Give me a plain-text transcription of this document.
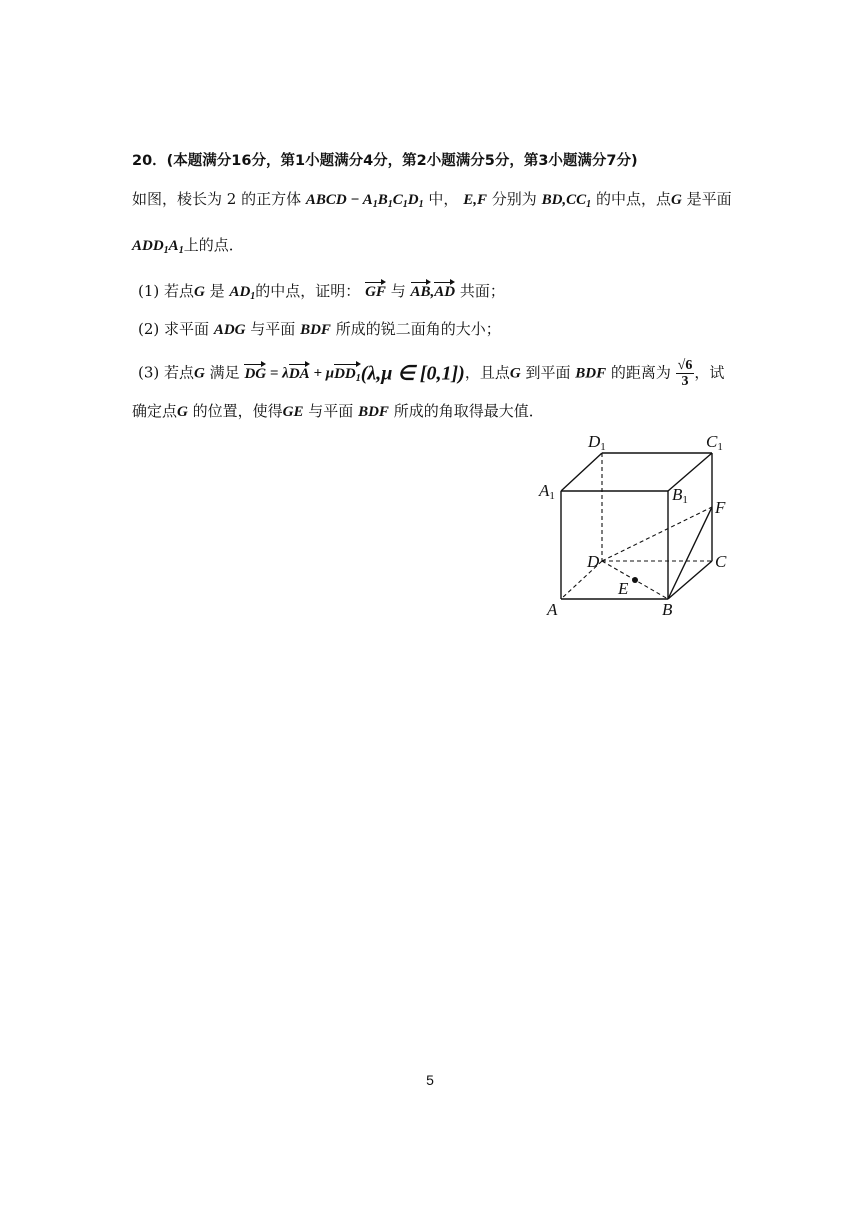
20．(本题满分16分，第1小题满分4分，第2小题满分5分，第3小题满分7分)
如图，棱长为 2 的正方体 ABCD − $A_1B_1C_1D_1$ 中， E,F 分别为 $BD,CC_1$ 的中点，点G 是平面
$ADD_1A_1$上的点．
(1) 若点G 是 $AD_1$的中点，证明： GF 与 AB,AD 共面；
(2) 求平面 ADG 与平面 BDF 所成的锐二面角的大小；
(3) 若点G 满足 DG = λDA + μDD$_1$(λ,μ ∈ [0,1])，且点G 到平面 BDF 的距离为 $\frac{√6}{3}$ ，试
确定点G 的位置，使得GE 与平面 BDF 所成的角取得最大值．
D1	C1
A1	B1 F
D	C
E
A	B
5
